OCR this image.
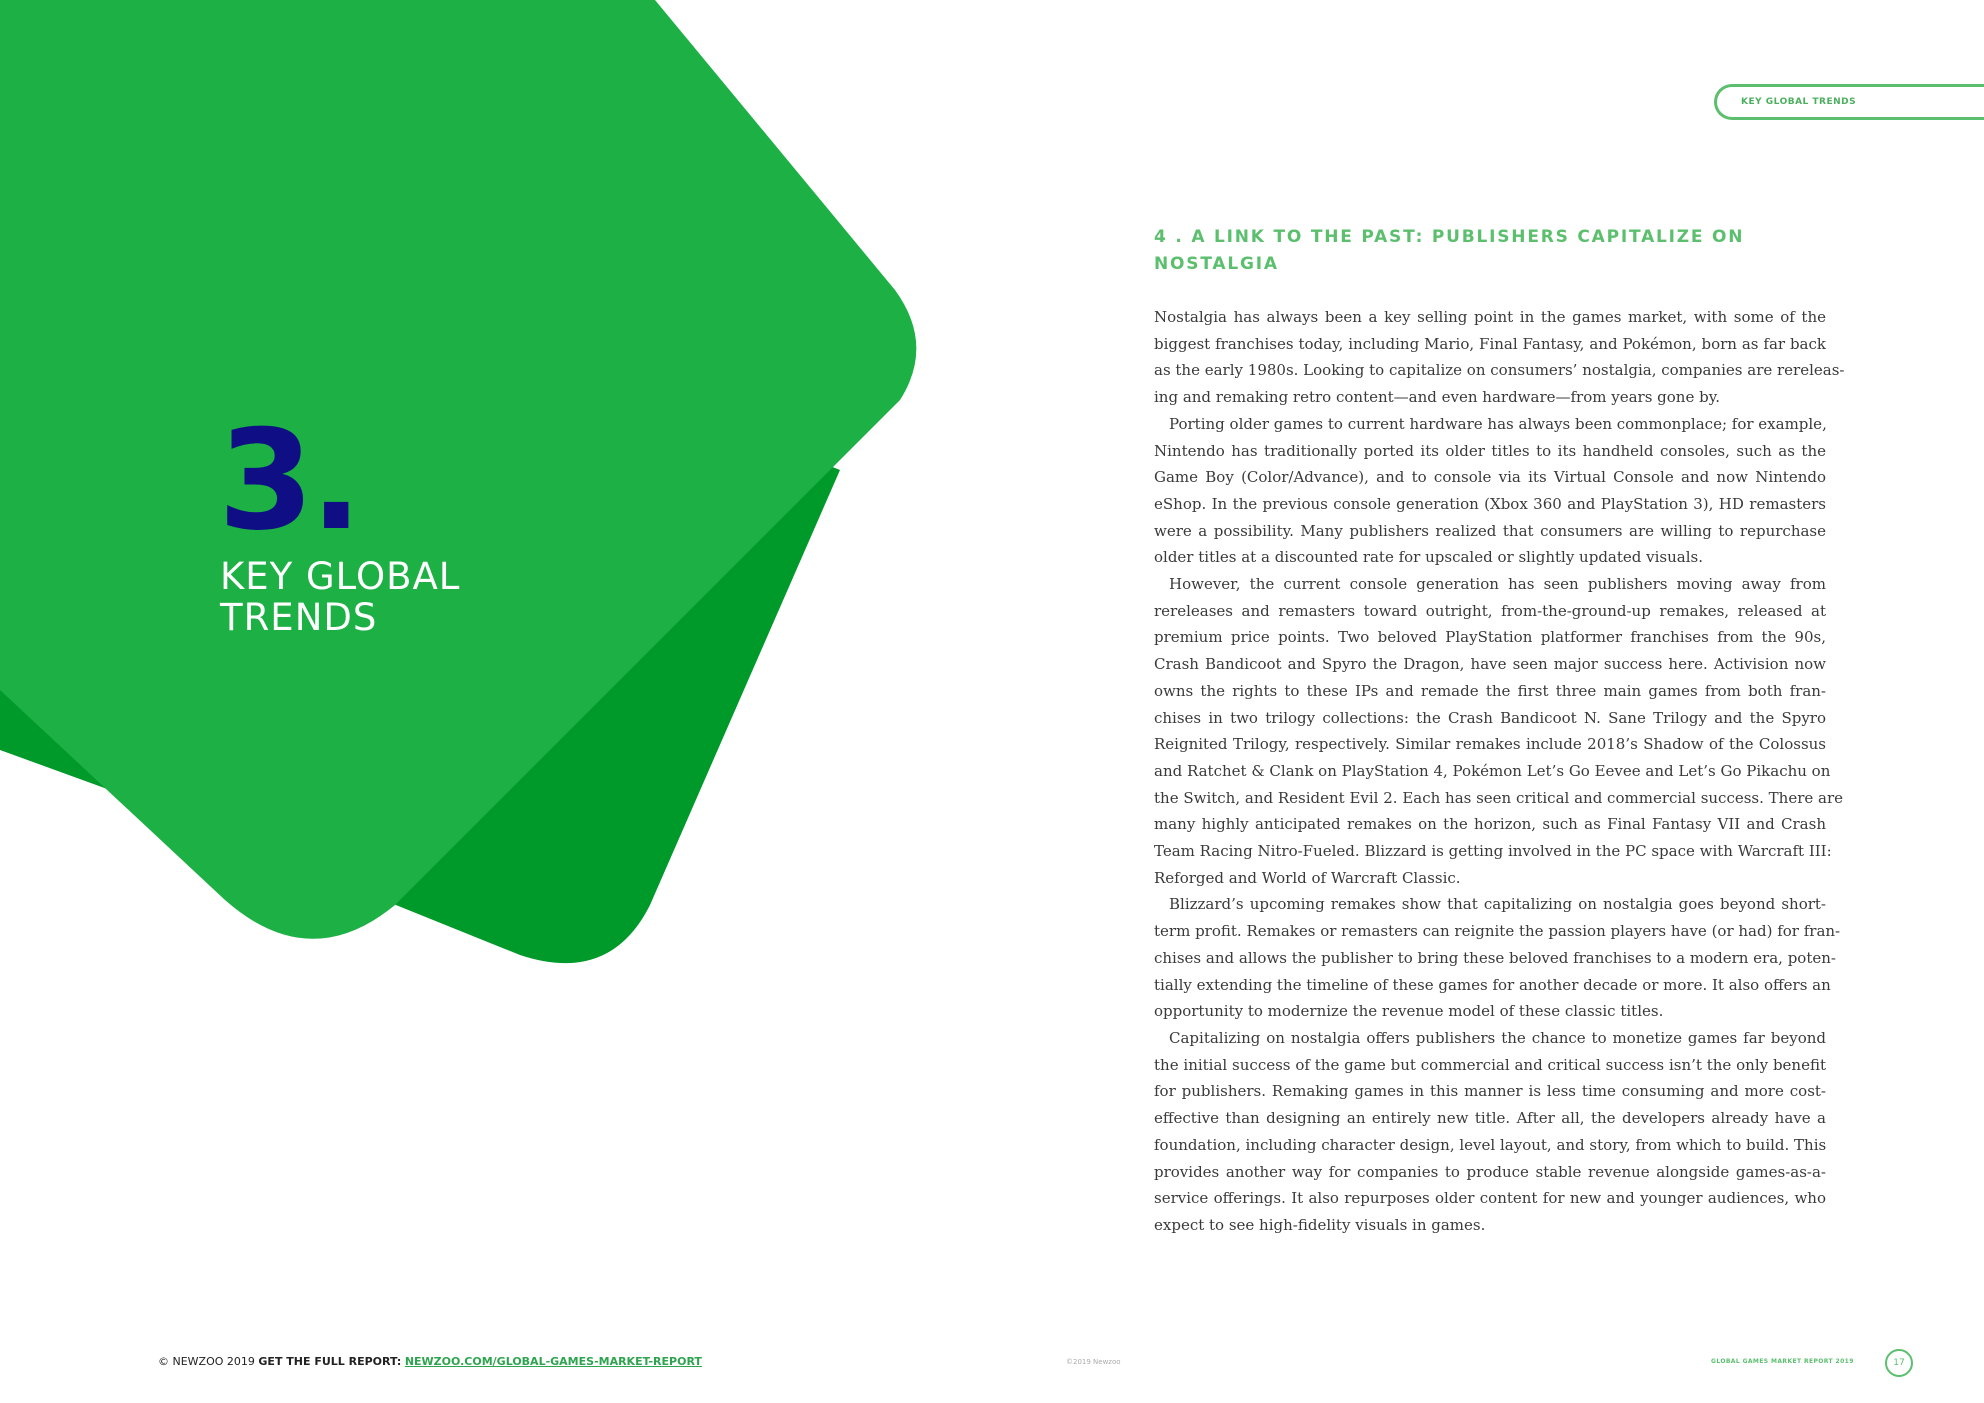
3.
KEY GLOBAL
TRENDS
KEY GLOBAL TRENDS
4 . A LINK TO THE PAST: PUBLISHERS CAPITALIZE ON
NOSTALGIA
Nostalgia has always been a key selling point in the games market, with some of the
biggest franchises today, including Mario, Final Fantasy, and Pokémon, born as far back
as the early 1980s. Looking to capitalize on consumers’ nostalgia, companies are rereleas-
ing and remaking retro content—and even hardware—from years gone by.
Porting older games to current hardware has always been commonplace; for example,
Nintendo has traditionally ported its older titles to its handheld consoles, such as the
Game Boy (Color/Advance), and to console via its Virtual Console and now Nintendo
eShop. In the previous console generation (Xbox 360 and PlayStation 3), HD remasters
were a possibility. Many publishers realized that consumers are willing to repurchase
older titles at a discounted rate for upscaled or slightly updated visuals.
However, the current console generation has seen publishers moving away from
rereleases and remasters toward outright, from-the-ground-up remakes, released at
premium price points. Two beloved PlayStation platformer franchises from the 90s,
Crash Bandicoot and Spyro the Dragon, have seen major success here. Activision now
owns the rights to these IPs and remade the first three main games from both fran-
chises in two trilogy collections: the Crash Bandicoot N. Sane Trilogy and the Spyro
Reignited Trilogy, respectively. Similar remakes include 2018’s Shadow of the Colossus
and Ratchet & Clank on PlayStation 4, Pokémon Let’s Go Eevee and Let’s Go Pikachu on
the Switch, and Resident Evil 2. Each has seen critical and commercial success. There are
many highly anticipated remakes on the horizon, such as Final Fantasy VII and Crash
Team Racing Nitro-Fueled. Blizzard is getting involved in the PC space with Warcraft III:
Reforged and World of Warcraft Classic.
Blizzard’s upcoming remakes show that capitalizing on nostalgia goes beyond short-
term profit. Remakes or remasters can reignite the passion players have (or had) for fran-
chises and allows the publisher to bring these beloved franchises to a modern era, poten-
tially extending the timeline of these games for another decade or more. It also offers an
opportunity to modernize the revenue model of these classic titles.
Capitalizing on nostalgia offers publishers the chance to monetize games far beyond
the initial success of the game but commercial and critical success isn’t the only benefit
for publishers. Remaking games in this manner is less time consuming and more cost-
effective than designing an entirely new title. After all, the developers already have a
foundation, including character design, level layout, and story, from which to build. This
provides another way for companies to produce stable revenue alongside games-as-a-
service offerings. It also repurposes older content for new and younger audiences, who
expect to see high-fidelity visuals in games.
© NEWZOO 2019 GET THE FULL REPORT: NEWZOO.COM/GLOBAL-GAMES-MARKET-REPORT	©2019 Newzoo	GLOBAL GAMES MARKET REPORT 2019	17
